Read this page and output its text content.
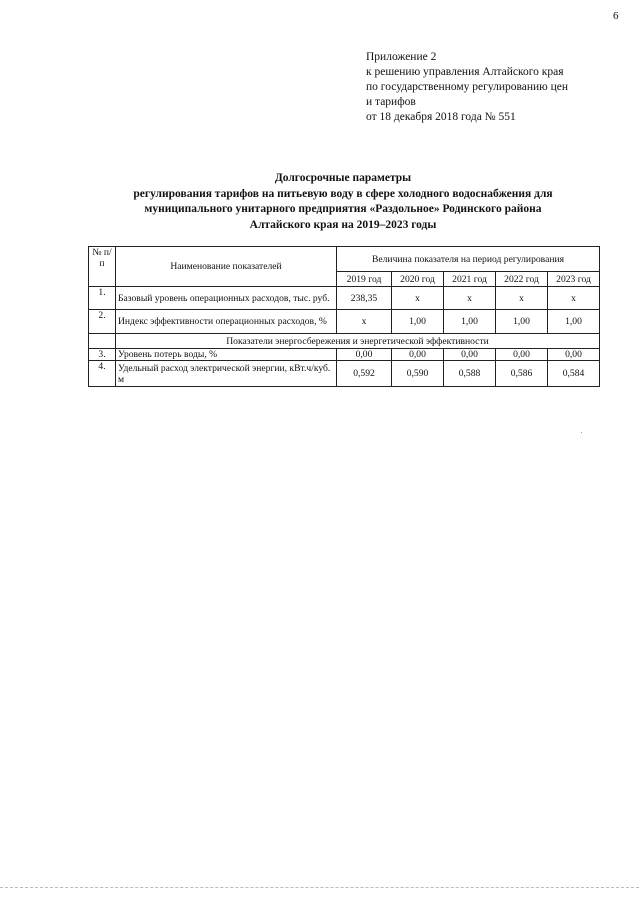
6
Приложение 2
к решению управления Алтайского края
по государственному регулированию цен
и тарифов
от 18 декабря 2018 года № 551
Долгосрочные параметры
регулирования тарифов на питьевую воду в сфере холодного водоснабжения для
муниципального унитарного предприятия «Раздольное» Родинского района
Алтайского края на 2019–2023 годы
№ п/п	Наименование показателей	Величина показателя на период регулирования				
		2019 год	2020 год	2021 год	2022 год	2023 год
1.	Базовый уровень операционных расходов, тыс. руб.	238,35	х	х	х	х
2.	Индекс эффективности операционных расходов, %	х	1,00	1,00	1,00	1,00
	Показатели энергосбережения и энергетической эффективности					
3.	Уровень потерь воды, %	0,00	0,00	0,00	0,00	0,00
4.	Удельный расход электрической энергии, кВт.ч/куб. м	0,592	0,590	0,588	0,586	0,584
